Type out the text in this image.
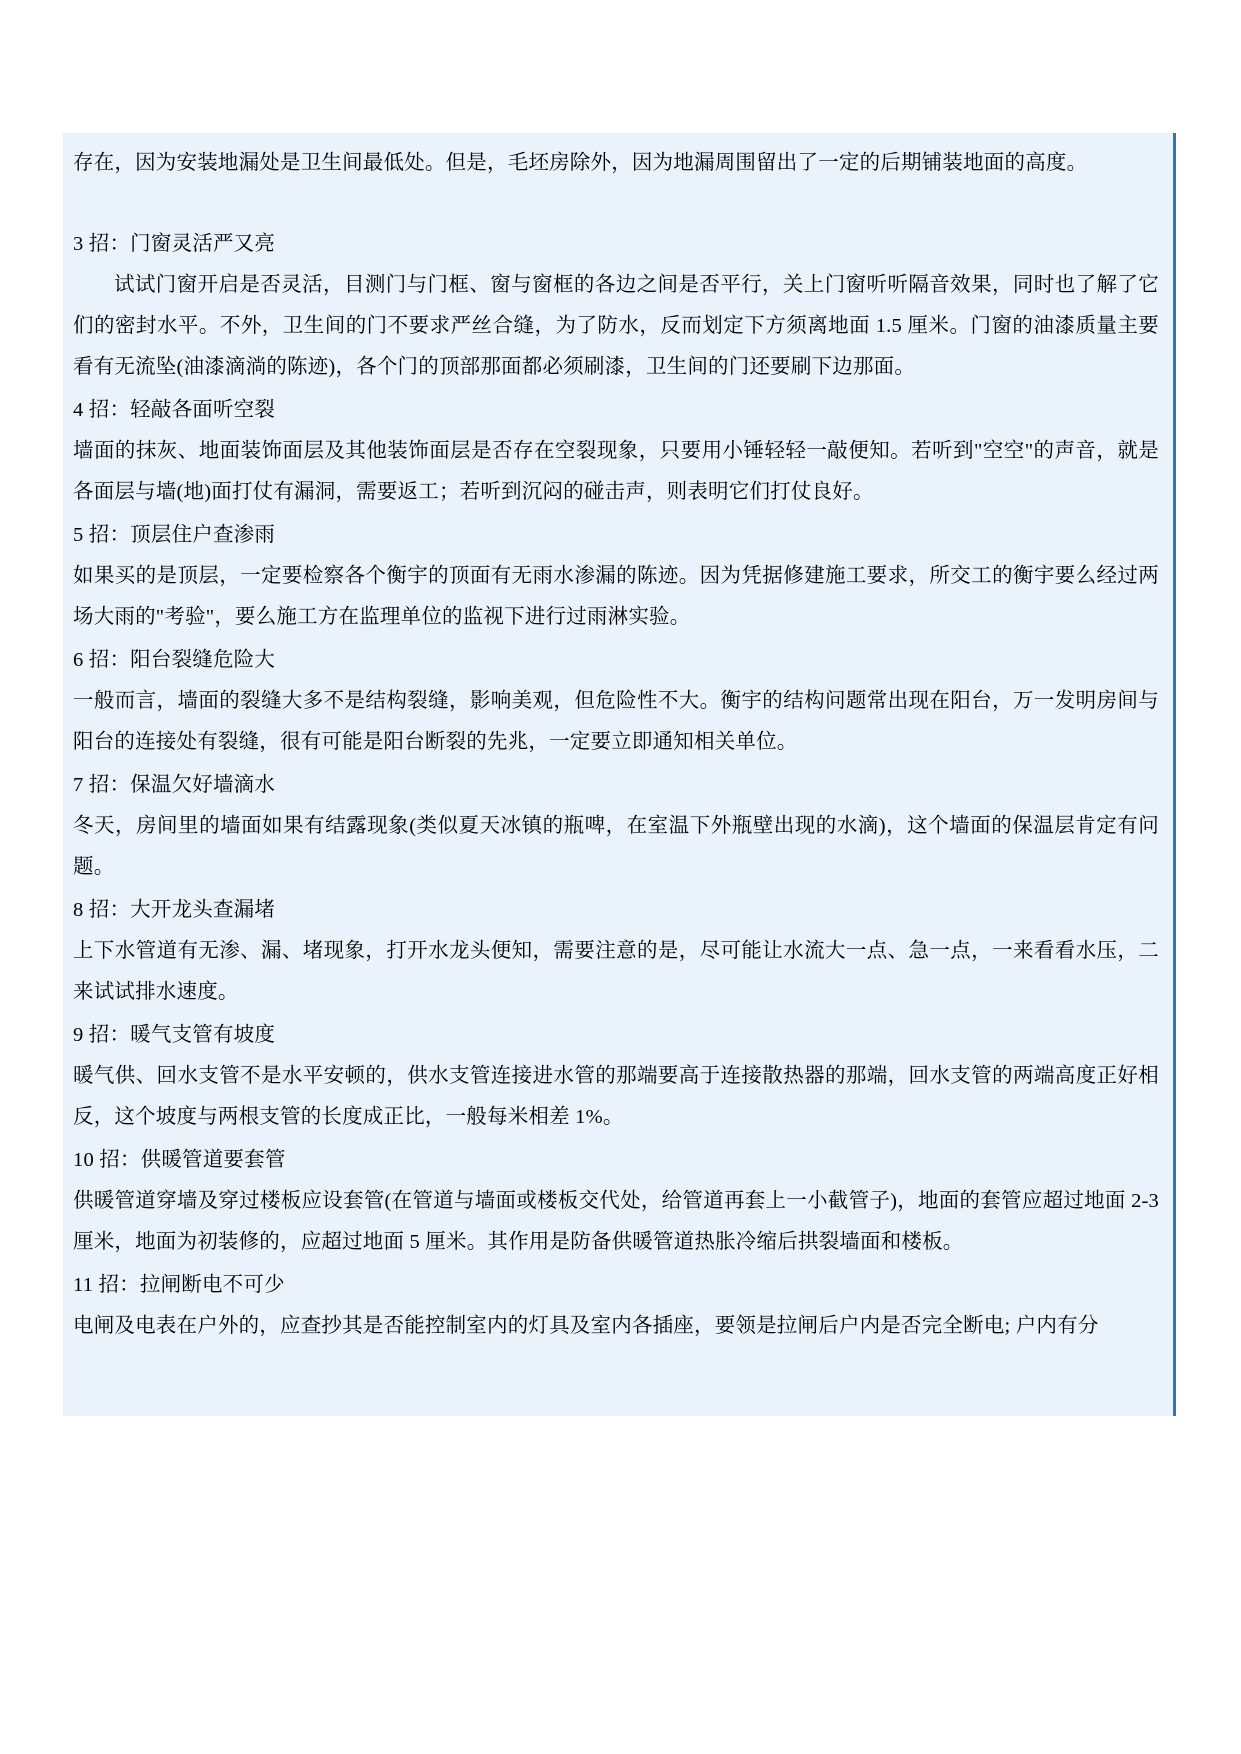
存在，因为安装地漏处是卫生间最低处。但是，毛坯房除外，因为地漏周围留出了一定的后期铺装地面的高度。

3 招：门窗灵活严又亮

试试门窗开启是否灵活，目测门与门框、窗与窗框的各边之间是否平行，关上门窗听听隔音效果，同时也了解了它们的密封水平。不外，卫生间的门不要求严丝合缝，为了防水，反而划定下方须离地面 1.5 厘米。门窗的油漆质量主要看有无流坠(油漆滴淌的陈迹)，各个门的顶部那面都必须刷漆，卫生间的门还要刷下边那面。

4 招：轻敲各面听空裂

墙面的抹灰、地面装饰面层及其他装饰面层是否存在空裂现象，只要用小锤轻轻一敲便知。若听到"空空"的声音，就是各面层与墙(地)面打仗有漏洞，需要返工；若听到沉闷的碰击声，则表明它们打仗良好。

5 招：顶层住户查渗雨

如果买的是顶层，一定要检察各个衡宇的顶面有无雨水渗漏的陈迹。因为凭据修建施工要求，所交工的衡宇要么经过两场大雨的"考验"，要么施工方在监理单位的监视下进行过雨淋实验。

6 招：阳台裂缝危险大

一般而言，墙面的裂缝大多不是结构裂缝，影响美观，但危险性不大。衡宇的结构问题常出现在阳台，万一发明房间与阳台的连接处有裂缝，很有可能是阳台断裂的先兆，一定要立即通知相关单位。

7 招：保温欠好墙滴水

冬天，房间里的墙面如果有结露现象(类似夏天冰镇的瓶啤，在室温下外瓶壁出现的水滴)，这个墙面的保温层肯定有问题。

8 招：大开龙头查漏堵

上下水管道有无渗、漏、堵现象，打开水龙头便知，需要注意的是，尽可能让水流大一点、急一点，一来看看水压，二来试试排水速度。

9 招：暖气支管有坡度

暖气供、回水支管不是水平安顿的，供水支管连接进水管的那端要高于连接散热器的那端，回水支管的两端高度正好相反，这个坡度与两根支管的长度成正比，一般每米相差 1%。

10 招：供暖管道要套管

供暖管道穿墙及穿过楼板应设套管(在管道与墙面或楼板交代处，给管道再套上一小截管子)，地面的套管应超过地面 2-3 厘米，地面为初装修的，应超过地面 5 厘米。其作用是防备供暖管道热胀冷缩后拱裂墙面和楼板。

11 招：拉闸断电不可少

电闸及电表在户外的，应查抄其是否能控制室内的灯具及室内各插座，要领是拉闸后户内是否完全断电; 户内有分
